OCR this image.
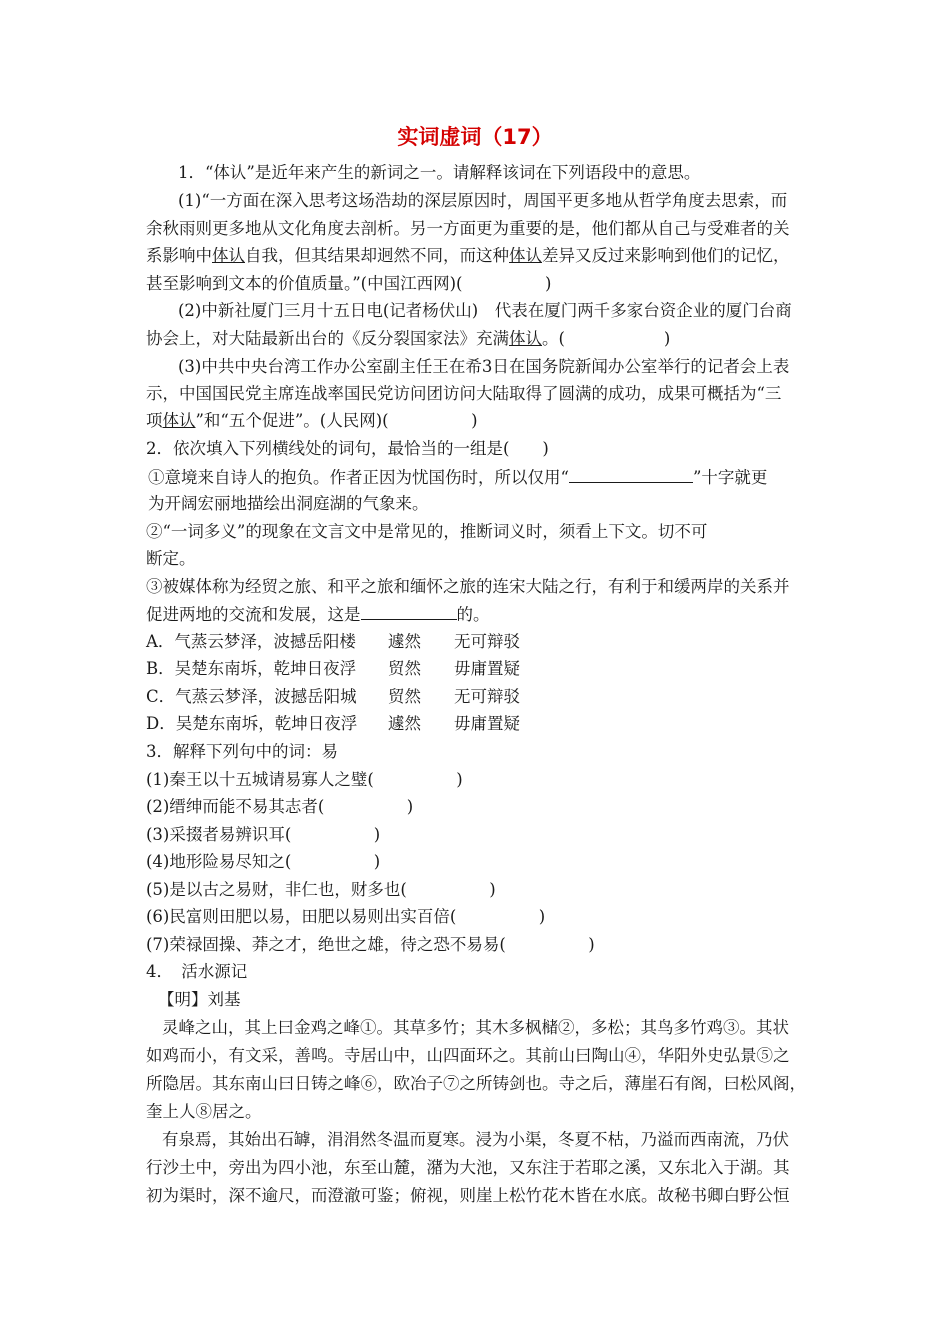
实词虚词（17）
1．“体认”是近年来产生的新词之一。请解释该词在下列语段中的意思。
(1)“一方面在深入思考这场浩劫的深层原因时，周国平更多地从哲学角度去思索，而
余秋雨则更多地从文化角度去剖析。另一方面更为重要的是，他们都从自己与受难者的关
系影响中体认自我，但其结果却迥然不同，而这种体认差异又反过来影响到他们的记忆，
甚至影响到文本的价值质量。”(中国江西网)(　　　　　)
(2)中新社厦门三月十五日电(记者杨伏山)　代表在厦门两千多家台资企业的厦门台商
协会上，对大陆最新出台的《反分裂国家法》充满体认。(　　　　　　)
(3)中共中央台湾工作办公室副主任王在希3日在国务院新闻办公室举行的记者会上表
示，中国国民党主席连战率国民党访问团访问大陆取得了圆满的成功，成果可概括为“三
项体认”和“五个促进”。(人民网)(　　　　　)
2．依次填入下列横线处的词句，最恰当的一组是(　　)
①意境来自诗人的抱负。作者正因为忧国伤时，所以仅用“	”十字就更
为开阔宏丽地描绘出洞庭湖的气象来。
②“一词多义”的现象在文言文中是常见的，推断词义时，须看上下文。切不可
断定。
③被媒体称为经贸之旅、和平之旅和缅怀之旅的连宋大陆之行，有利于和缓两岸的关系并
促进两地的交流和发展，这是	的。
A．气蒸云梦泽，波撼岳阳楼 遽然 无可辩驳
B．吴楚东南坼，乾坤日夜浮 贸然 毋庸置疑
C．气蒸云梦泽，波撼岳阳城 贸然 无可辩驳
D．吴楚东南坼，乾坤日夜浮 遽然 毋庸置疑
3．解释下列句中的词：易
(1)秦王以十五城请易寡人之璧(　　　　　)
(2)缙绅而能不易其志者(　　　　　)
(3)采掇者易辨识耳(　　　　　)
(4)地形险易尽知之(　　　　　)
(5)是以古之易财，非仁也，财多也(　　　　　)
(6)民富则田肥以易，田肥以易则出实百倍(　　　　　)
(7)荣禄固操、莽之才，绝世之雄，待之恐不易易(　　　　　)
4．　活水源记
【明】刘基
灵峰之山，其上曰金鸡之峰①。其草多竹；其木多枫槠②，多松；其鸟多竹鸡③。其状
如鸡而小，有文采，善鸣。寺居山中，山四面环之。其前山曰陶山④，华阳外史弘景⑤之
所隐居。其东南山曰日铸之峰⑥，欧冶子⑦之所铸剑也。寺之后，薄崖石有阁，曰松风阁，
奎上人⑧居之。
有泉焉，其始出石罅，涓涓然冬温而夏寒。浸为小渠，冬夏不枯，乃溢而西南流，乃伏
行沙土中，旁出为四小池，东至山麓，潴为大池，又东注于若耶之溪，又东北入于湖。其
初为渠时，深不逾尺，而澄澈可鉴；俯视，则崖上松竹花木皆在水底。故秘书卿白野公恒
